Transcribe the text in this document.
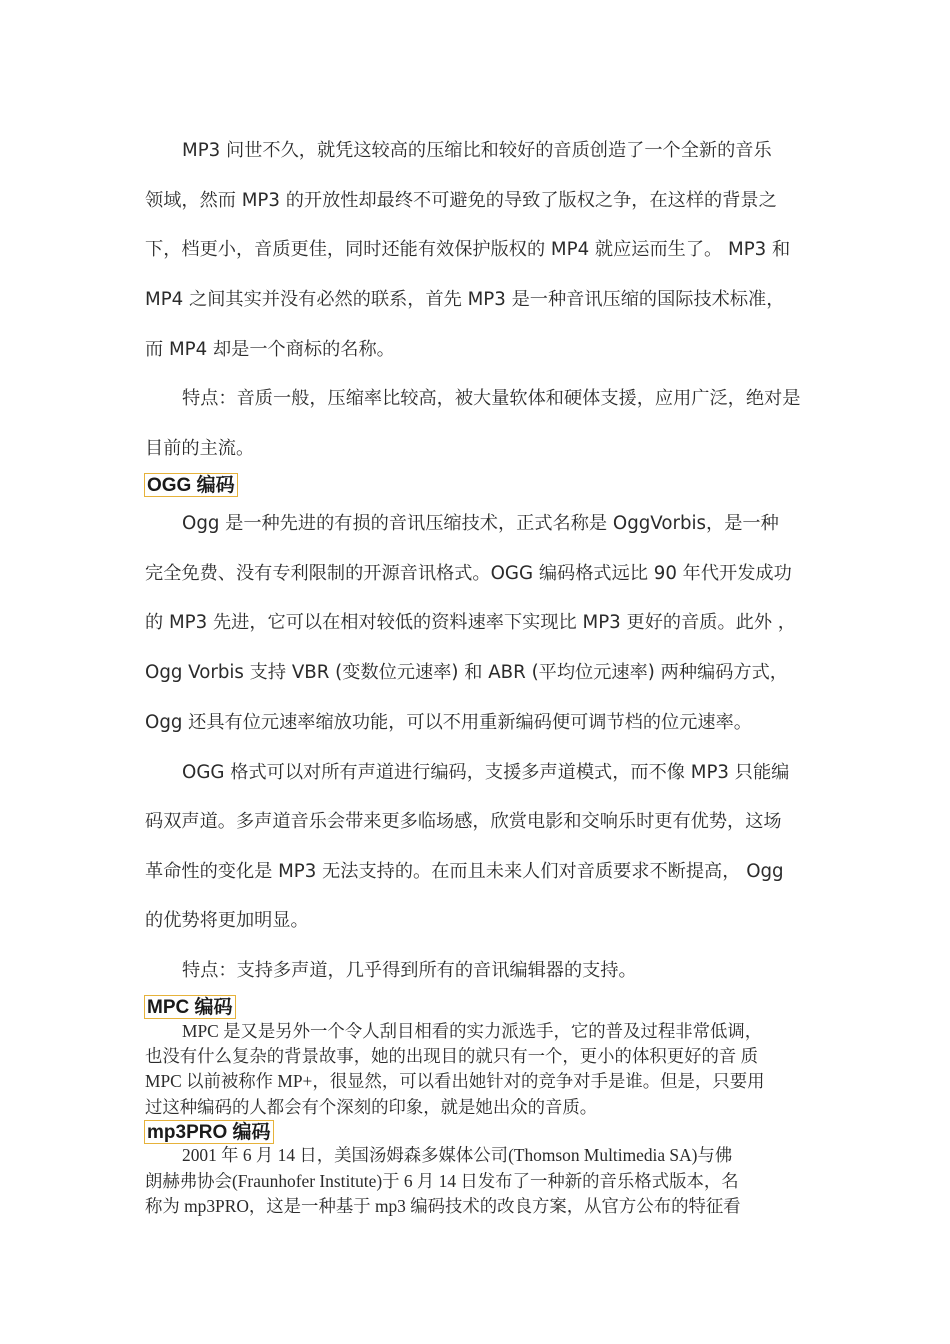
MP3 问世不久，就凭这较高的压缩比和较好的音质创造了一个全新的音乐
领域，然而 MP3 的开放性却最终不可避免的导致了版权之争，在这样的背景之
下，档更小，音质更佳，同时还能有效保护版权的 MP4 就应运而生了。 MP3 和
MP4 之间其实并没有必然的联系，首先 MP3 是一种音讯压缩的国际技术标准，
而 MP4 却是一个商标的名称。
特点：音质一般，压缩率比较高，被大量软体和硬体支援，应用广泛，绝对是
目前的主流。
OGG 编码
Ogg 是一种先进的有损的音讯压缩技术，正式名称是 OggVorbis，是一种
完全免费、没有专利限制的开源音讯格式。OGG 编码格式远比 90 年代开发成功
的 MP3 先进，它可以在相对较低的资料速率下实现比 MP3 更好的音质。此外 ，
Ogg Vorbis 支持 VBR (变数位元速率) 和 ABR (平均位元速率) 两种编码方式，
Ogg 还具有位元速率缩放功能，可以不用重新编码便可调节档的位元速率。
OGG 格式可以对所有声道进行编码，支援多声道模式，而不像 MP3 只能编
码双声道。多声道音乐会带来更多临场感，欣赏电影和交响乐时更有优势，这场
革命性的变化是 MP3 无法支持的。在而且未来人们对音质要求不断提高， Ogg
的优势将更加明显。
特点：支持多声道，几乎得到所有的音讯编辑器的支持。
MPC 编码
MPC 是又是另外一个令人刮目相看的实力派选手，它的普及过程非常低调，
也没有什么复杂的背景故事，她的出现目的就只有一个，更小的体积更好的音 质
MPC 以前被称作 MP+，很显然，可以看出她针对的竞争对手是谁。但是，只要用
过这种编码的人都会有个深刻的印象，就是她出众的音质。
mp3PRO 编码
2001 年 6 月 14 日，美国汤姆森多媒体公司(Thomson Multimedia SA)与佛
朗赫弗协会(Fraunhofer Institute)于 6 月 14 日发布了一种新的音乐格式版本，名
称为 mp3PRO，这是一种基于 mp3 编码技术的改良方案，从官方公布的特征看
